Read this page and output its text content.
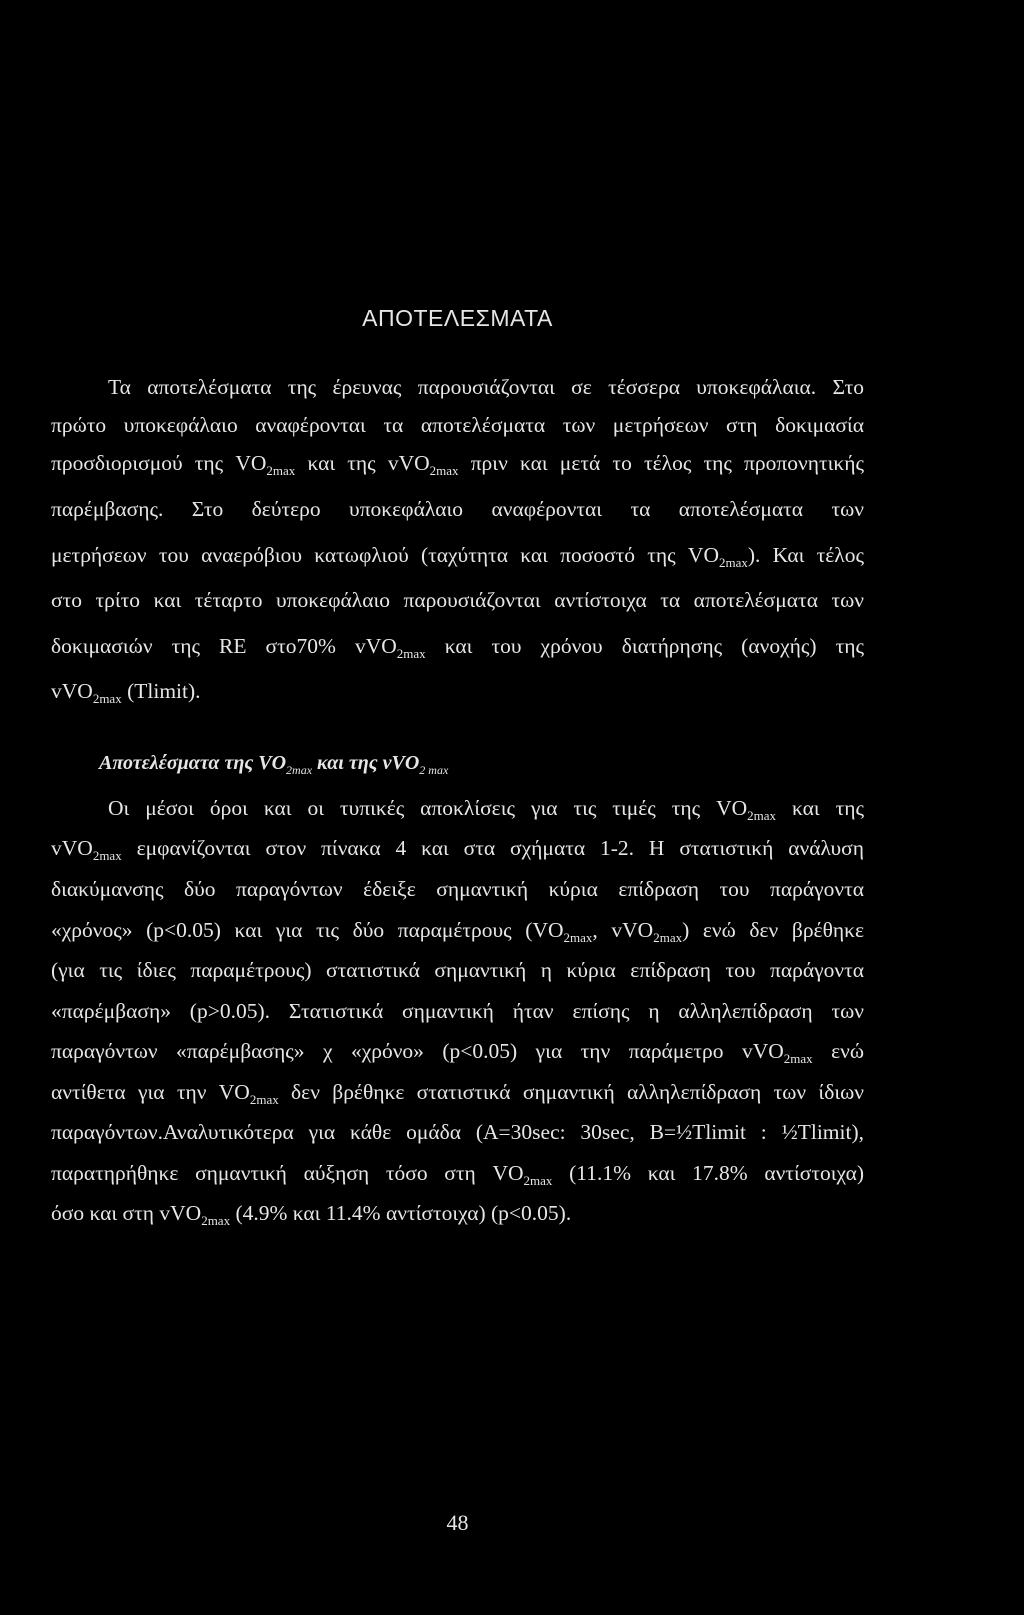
ΑΠΟΤΕΛΕΣΜΑΤΑ
Τα αποτελέσματα της έρευνας παρουσιάζονται σε τέσσερα υποκεφάλαια. Στο
πρώτο υποκεφάλαιο αναφέρονται τα αποτελέσματα των μετρήσεων στη δοκιμασία
προσδιορισμού της $VO_{2max}$ και της vVO$_{2max}$ πριν και μετά το τέλος της προπονητικής
παρέμβασης. Στο δεύτερο υποκεφάλαιο αναφέρονται τα αποτελέσματα των
μετρήσεων του αναερόβιου κατωφλιού (ταχύτητα και ποσοστό της $VO_{2max}$). Και τέλος
στο τρίτο και τέταρτο υποκεφάλαιο παρουσιάζονται αντίστοιχα τα αποτελέσματα των
δοκιμασιών της RE στο70% vVO$_{2max}$ και του χρόνου διατήρησης (ανοχής) της
vVO$_{2max}$ (Tlimit).
Αποτελέσματα της $VO_{2max}$ και της vVO$_{2 max}$
Οι μέσοι όροι και οι τυπικές αποκλίσεις για τις τιμές της $VO_{2max}$ και της
vVO$_{2max}$ εμφανίζονται στον πίνακα 4 και στα σχήματα 1-2. Η στατιστική ανάλυση
διακύμανσης δύο παραγόντων έδειξε σημαντική κύρια επίδραση του παράγοντα
«χρόνος» (p<0.05) και για τις δύο παραμέτρους ($VO_{2max}$, vVO$_{2max}$) ενώ δεν βρέθηκε
(για τις ίδιες παραμέτρους) στατιστικά σημαντική η κύρια επίδραση του παράγοντα
«παρέμβαση» (p>0.05). Στατιστικά σημαντική ήταν επίσης η αλληλεπίδραση των
παραγόντων «παρέμβασης» χ «χρόνο» (p<0.05) για την παράμετρο vVO$_{2max}$ ενώ
αντίθετα για την $VO_{2max}$ δεν βρέθηκε στατιστικά σημαντική αλληλεπίδραση των ίδιων
παραγόντων.Αναλυτικότερα για κάθε ομάδα (A=30sec: 30sec, B=½Tlimit : ½Tlimit),
παρατηρήθηκε σημαντική αύξηση τόσο στη $VO_{2max}$ (11.1% και 17.8% αντίστοιχα)
όσο και στη vVO$_{2max}$ (4.9% και 11.4% αντίστοιχα) (p<0.05).
48
